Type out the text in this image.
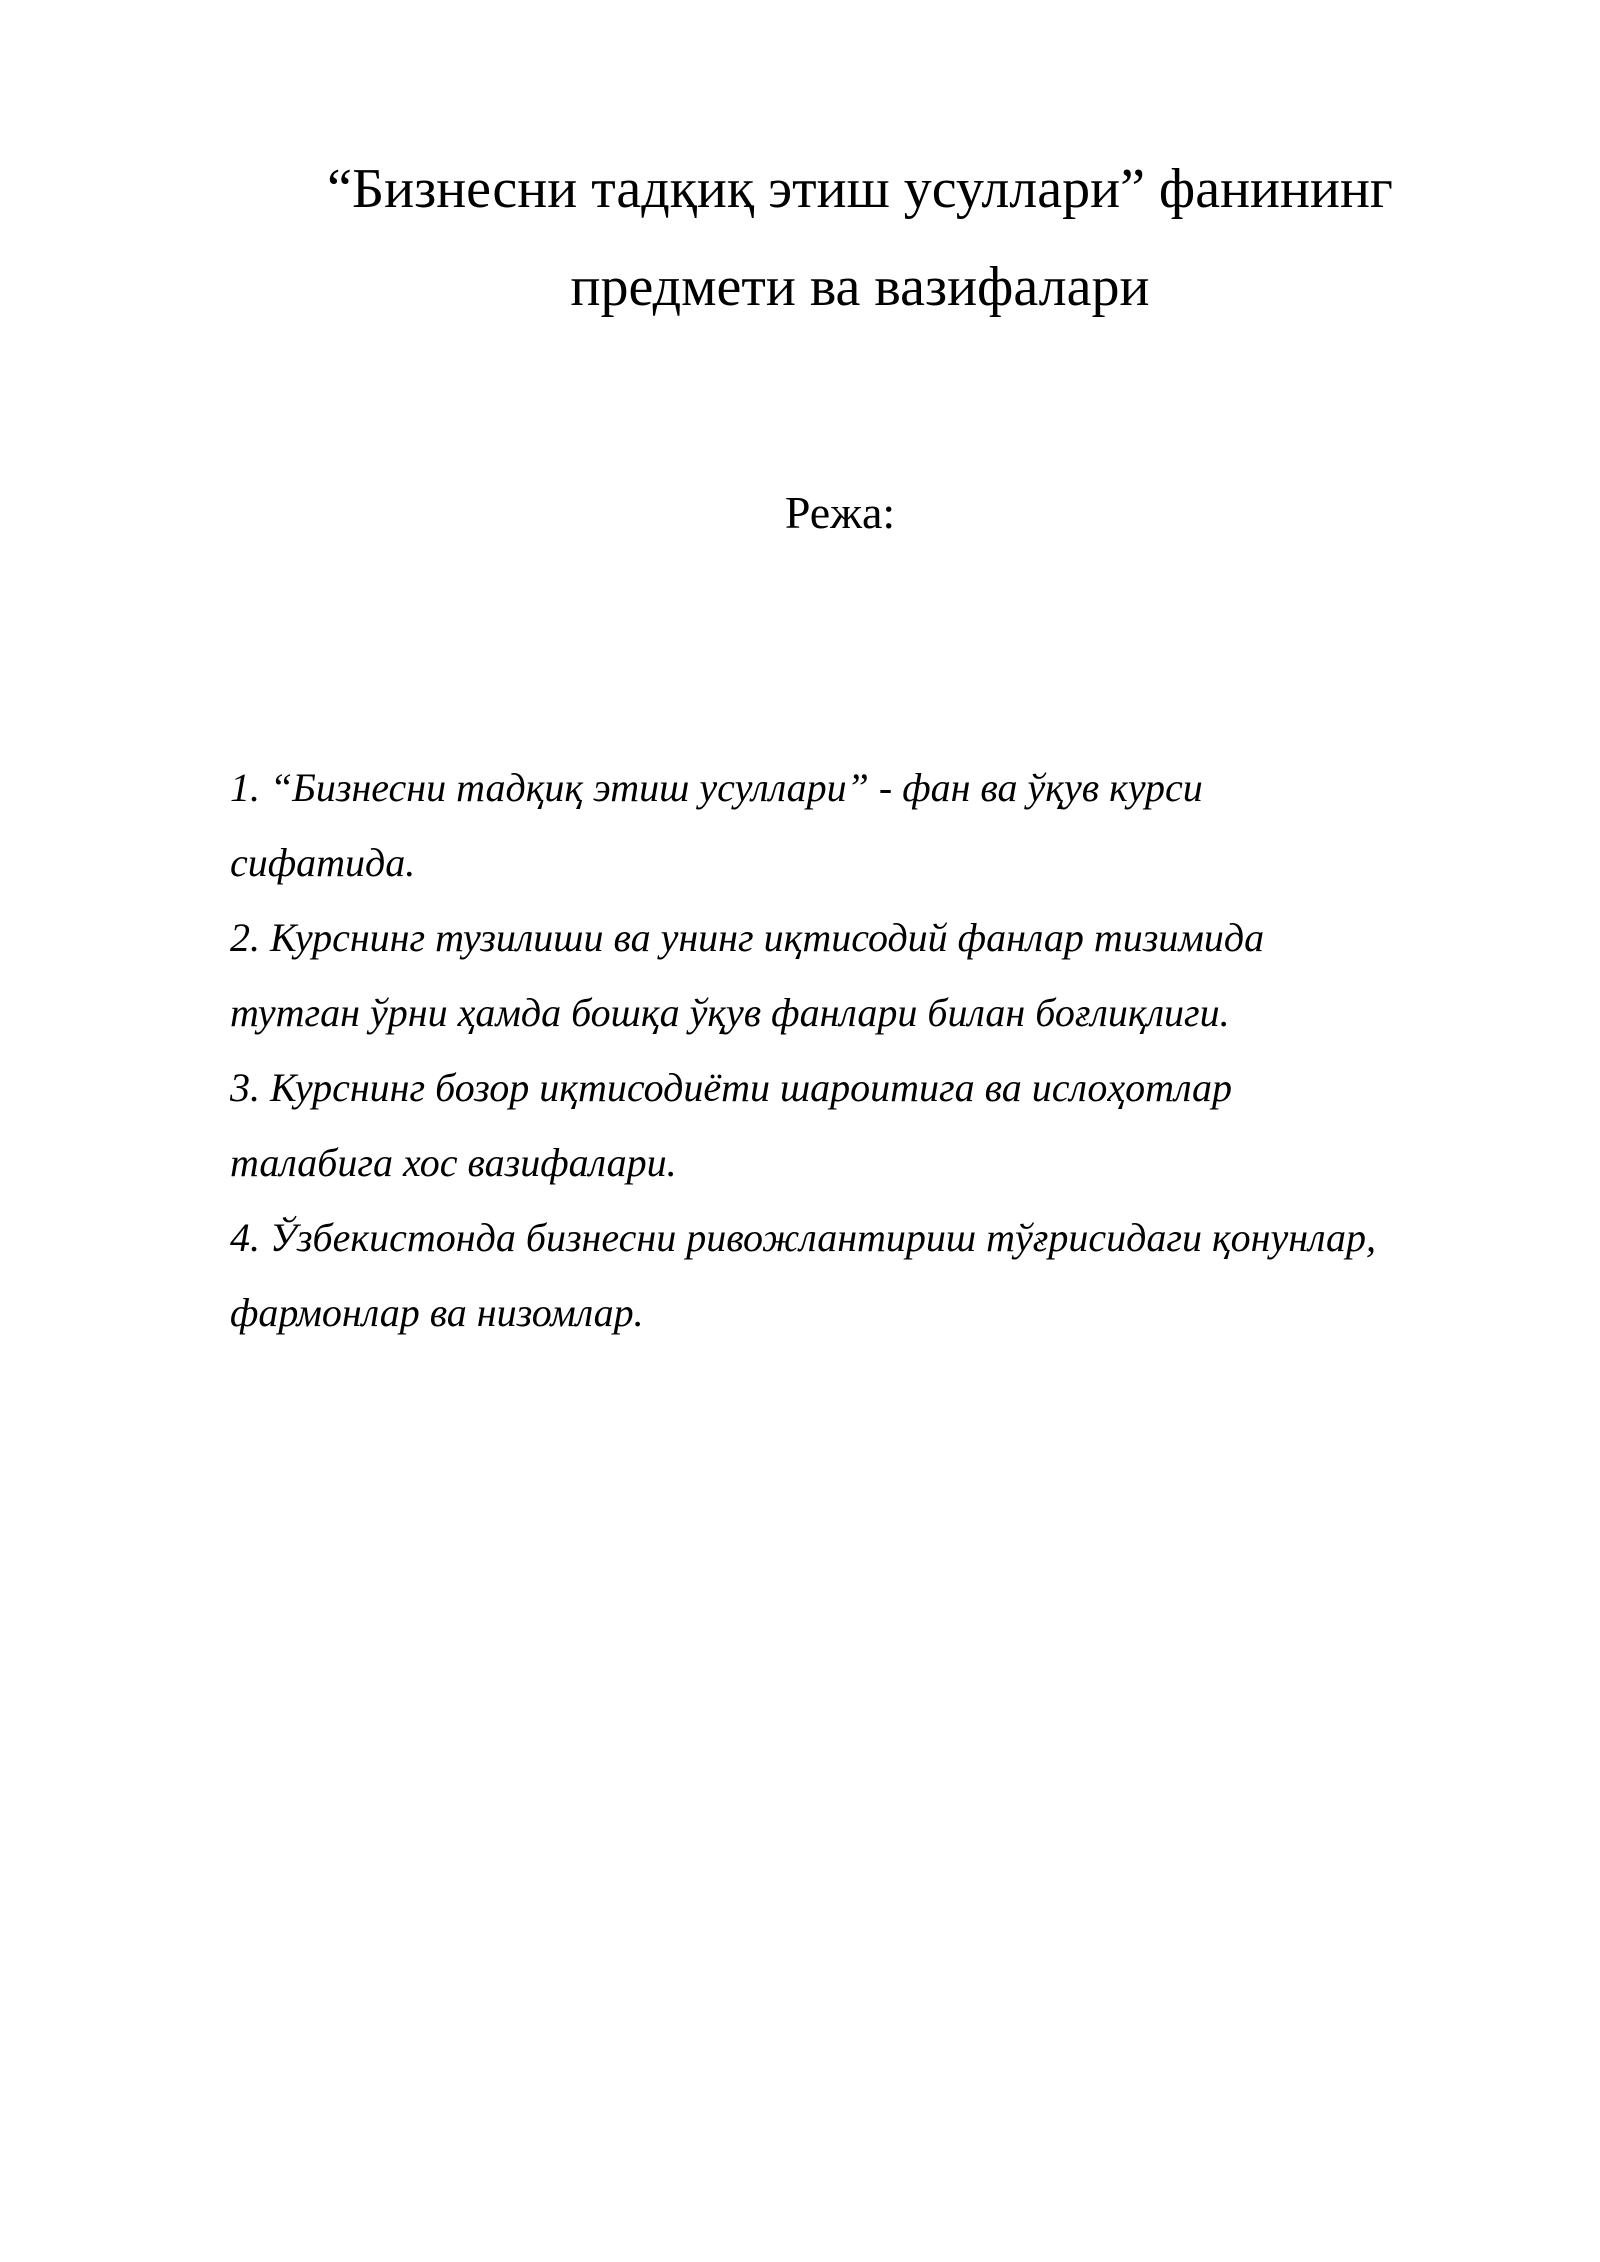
“Бизнесни тадқиқ этиш усуллари” фанининг
предмети ва вазифалари
Режа:
1. “Бизнесни тадқиқ этиш усуллари” - фан ва ўқув курси
сифатида.
2. Курснинг тузилиши ва унинг иқтисодий фанлар тизимида
тутган ўрни ҳамда бошқа ўқув фанлари билан боғлиқлиги.
3. Курснинг бозор иқтисодиёти шароитига ва ислоҳотлар
талабига хос вазифалари.
4. Ўзбекистонда бизнесни ривожлантириш тўғрисидаги қонунлар,
фармонлар ва низомлар.
